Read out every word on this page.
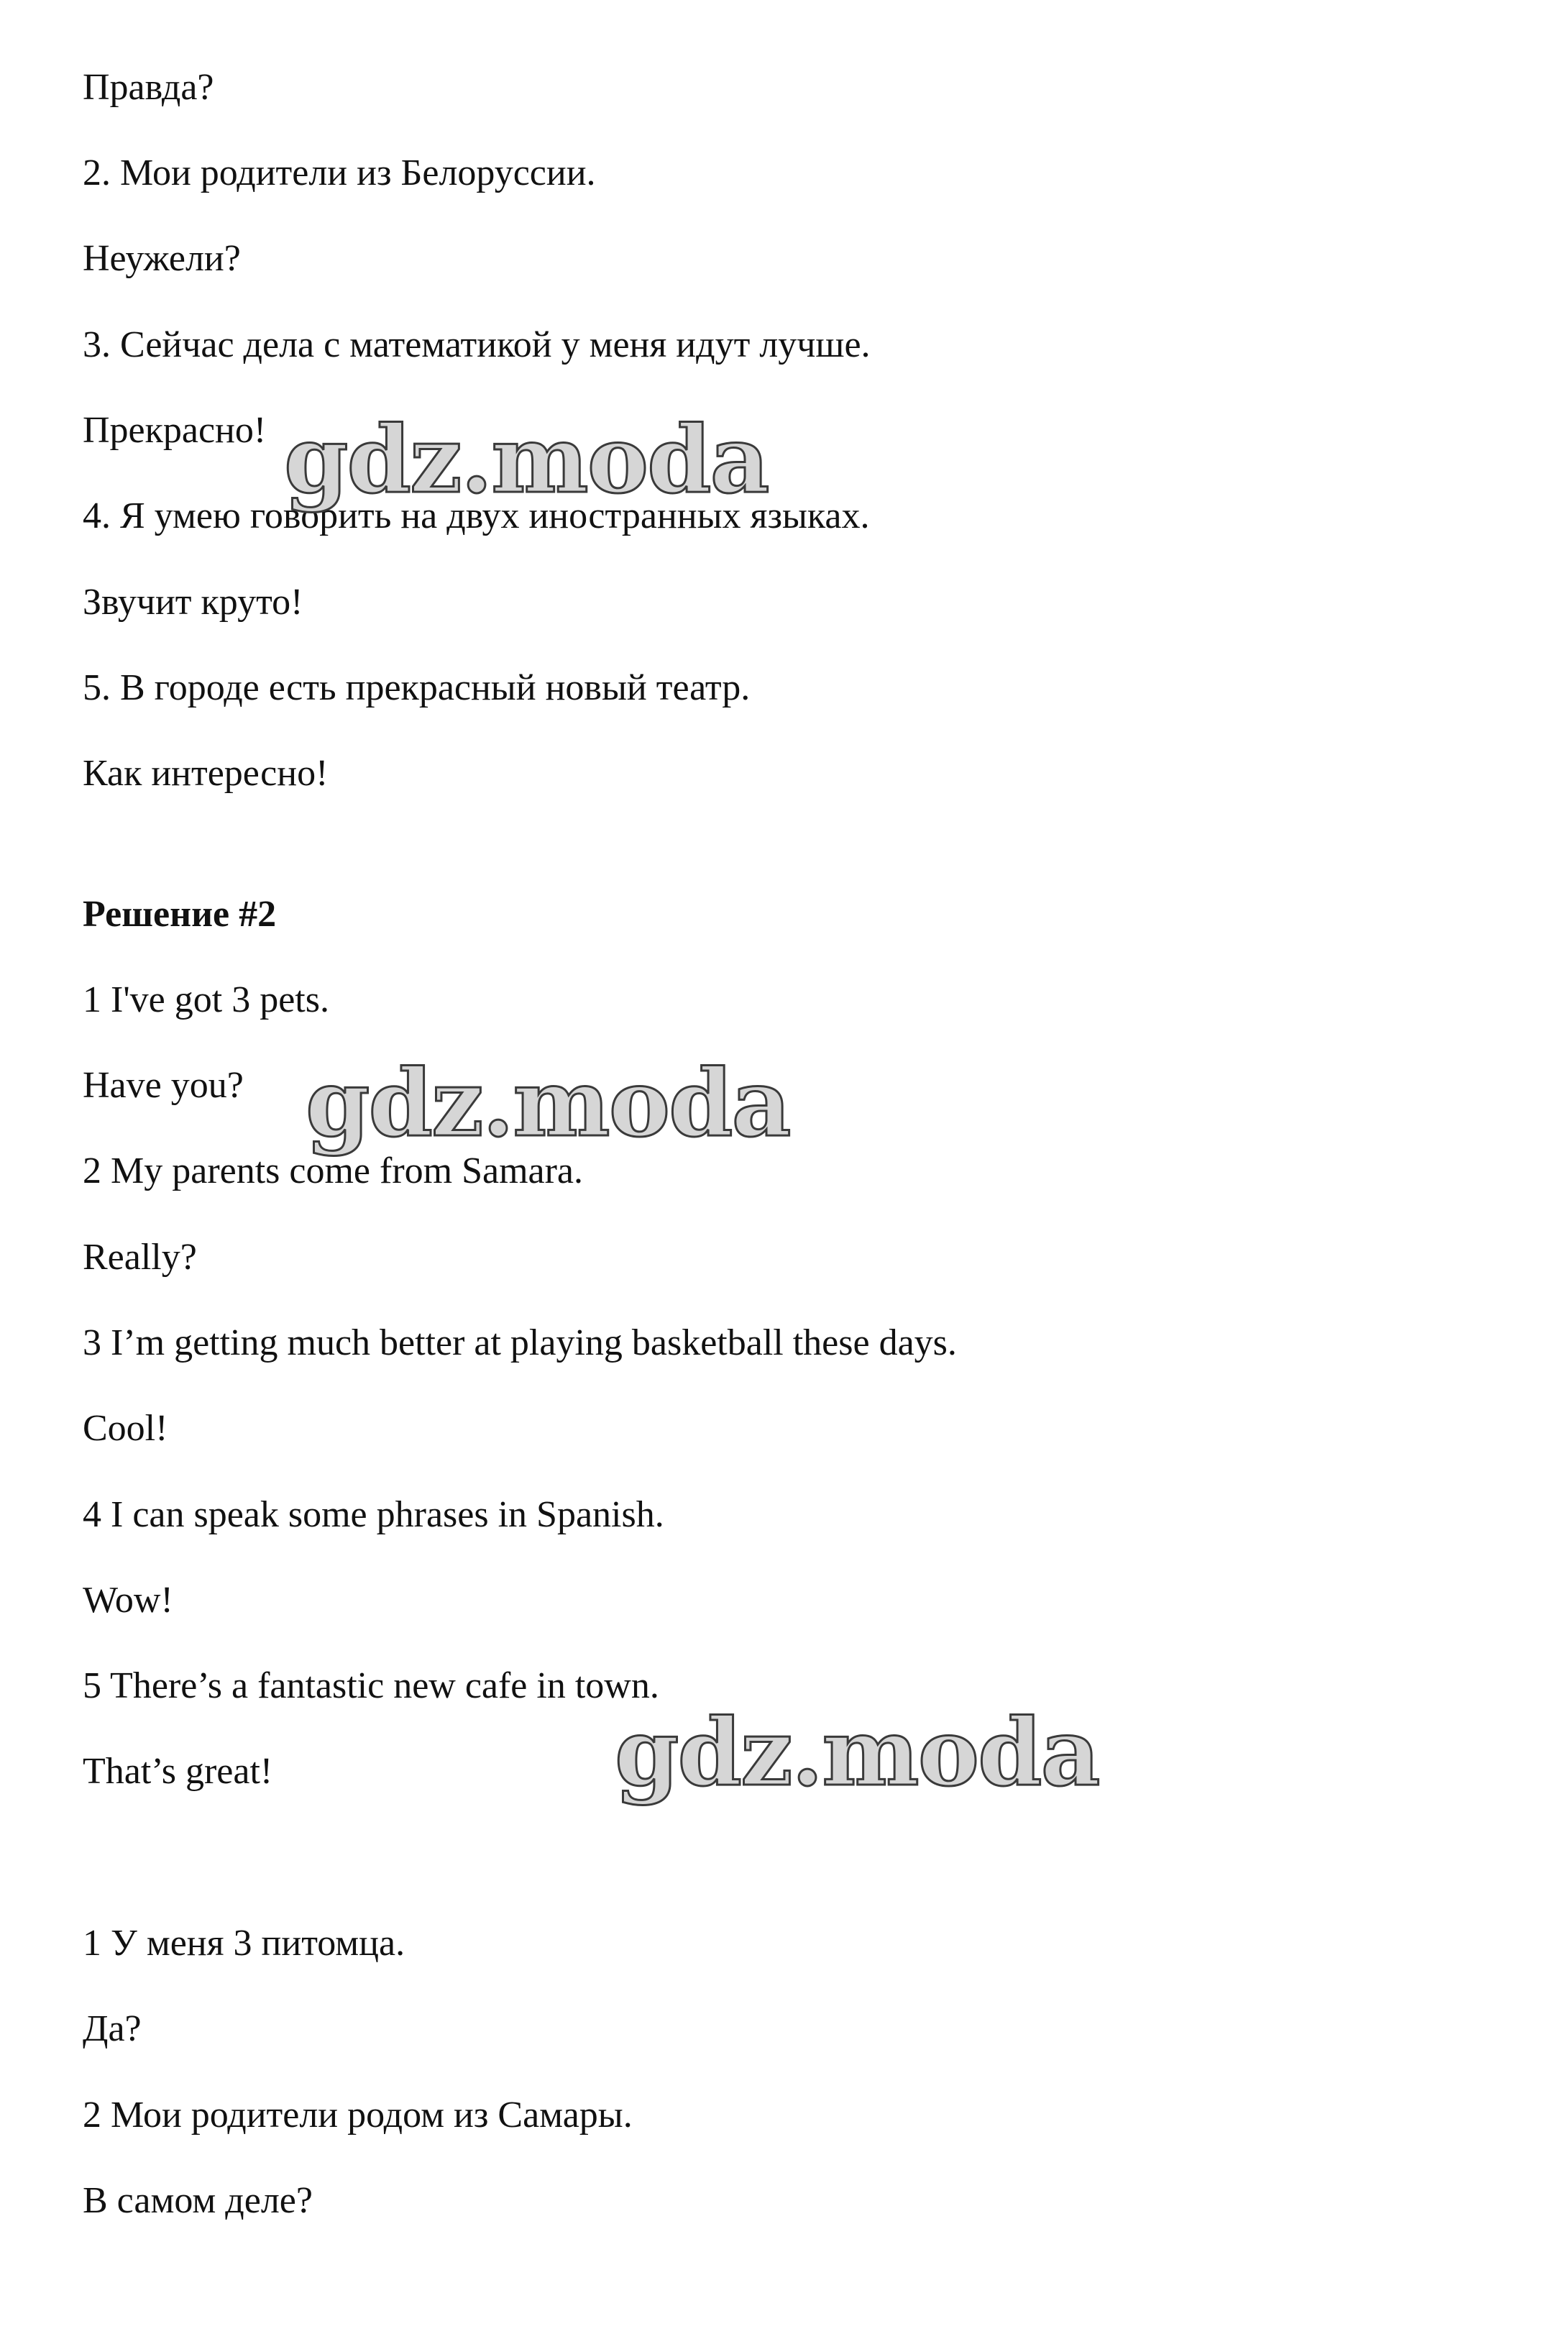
Правда?
2. Мои родители из Белоруссии.
Неужели?
3. Сейчас дела с математикой у меня идут лучше.
Прекрасно!
4. Я умею говорить на двух иностранных языках.
Звучит круто!
5. В городе есть прекрасный новый театр.
Как интересно!
Решение #2
1 I've got 3 pets.
Have you?
2 My parents come from Samara.
Really?
3 I’m getting much better at playing basketball these days.
Cool!
4 I can speak some phrases in Spanish.
Wow!
5 There’s a fantastic new cafe in town.
That’s great!
1 У меня 3 питомца.
Да?
2 Мои родители родом из Самары.
В самом деле?
gdz.moda
gdz.moda
gdz.moda
